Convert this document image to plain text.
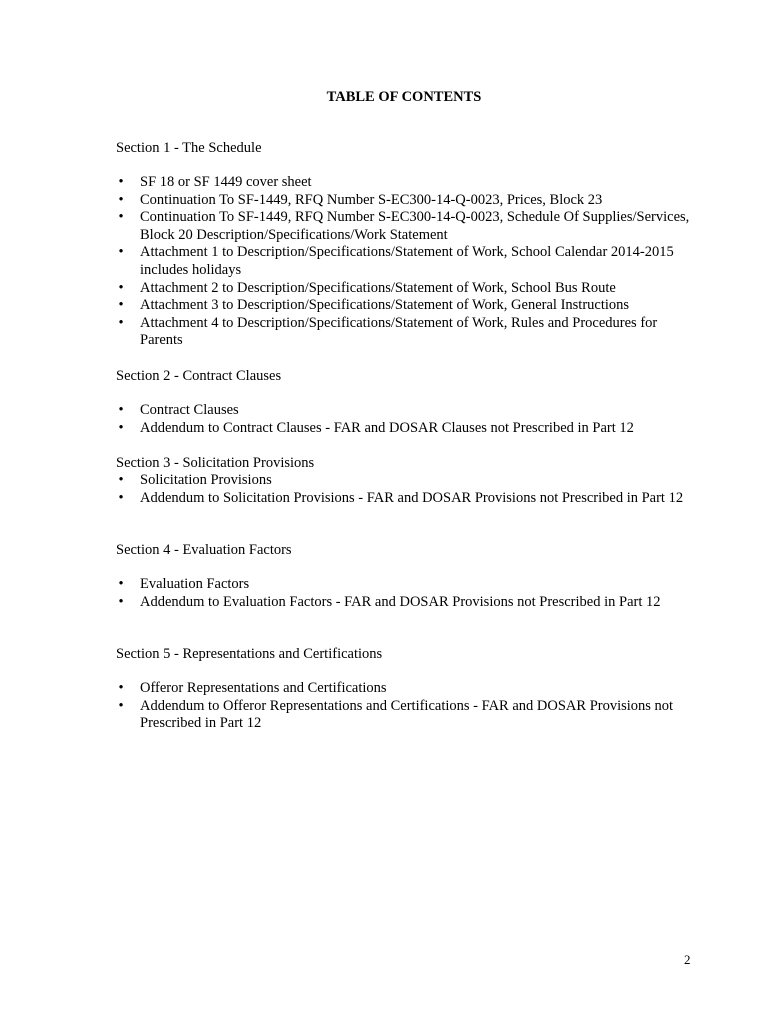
TABLE OF CONTENTS
Section 1 - The Schedule
• SF 18 or SF 1449 cover sheet
• Continuation To SF-1449, RFQ Number S-EC300-14-Q-0023, Prices, Block 23
• Continuation To SF-1449, RFQ Number S-EC300-14-Q-0023, Schedule Of Supplies/Services, Block 20 Description/Specifications/Work Statement
• Attachment 1 to Description/Specifications/Statement of Work, School Calendar 2014-2015 includes holidays
• Attachment 2 to Description/Specifications/Statement of Work, School Bus Route
• Attachment 3 to Description/Specifications/Statement of Work, General Instructions
• Attachment 4 to Description/Specifications/Statement of Work, Rules and Procedures for Parents
Section 2 - Contract Clauses
• Contract Clauses
• Addendum to Contract Clauses - FAR and DOSAR Clauses not Prescribed in Part 12
Section 3 - Solicitation Provisions
• Solicitation Provisions
• Addendum to Solicitation Provisions - FAR and DOSAR Provisions not Prescribed in Part 12
Section 4 - Evaluation Factors
• Evaluation Factors
• Addendum to Evaluation Factors - FAR and DOSAR Provisions not Prescribed in Part 12
Section 5 - Representations and Certifications
• Offeror Representations and Certifications
• Addendum to Offeror Representations and Certifications - FAR and DOSAR Provisions not Prescribed in Part 12
2
